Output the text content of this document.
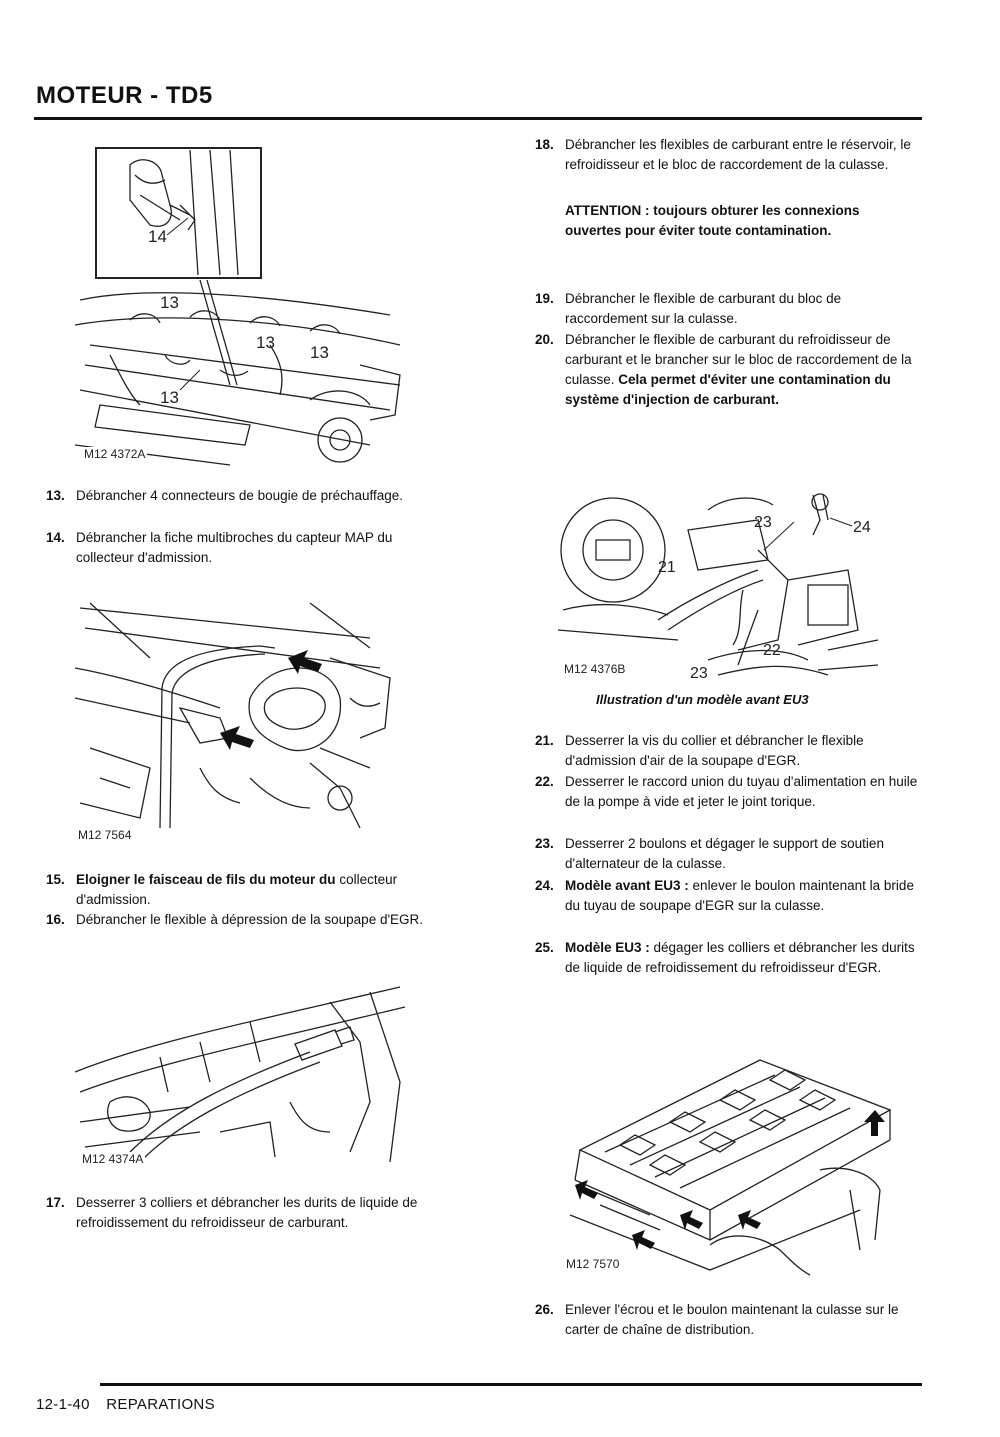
MOTEUR - TD5
14
13
13
13
13
M12 4372A
13. Débrancher 4 connecteurs de bougie de préchauffage.
14. Débrancher la fiche multibroches du capteur MAP du collecteur d'admission.
M12 7564
15. Eloigner le faisceau de fils du moteur du collecteur d'admission.
16. Débrancher le flexible à dépression de la soupape d'EGR.
M12 4374A
17. Desserrer 3 colliers et débrancher les durits de liquide de refroidissement du refroidisseur de carburant.
18. Débrancher les flexibles de carburant entre le réservoir, le refroidisseur et le bloc de raccordement de la culasse.
ATTENTION : toujours obturer les connexions ouvertes pour éviter toute contamination.
19. Débrancher le flexible de carburant du bloc de raccordement sur la culasse.
20. Débrancher le flexible de carburant du refroidisseur de carburant et le brancher sur le bloc de raccordement de la culasse. Cela permet d'éviter une contamination du système d'injection de carburant.
21
23	24
22
23
M12 4376B
Illustration d'un modèle avant EU3
21. Desserrer la vis du collier et débrancher le flexible d'admission d'air de la soupape d'EGR.
22. Desserrer le raccord union du tuyau d'alimentation en huile de la pompe à vide et jeter le joint torique.
23. Desserrer 2 boulons et dégager le support de soutien d'alternateur de la culasse.
24. Modèle avant EU3 : enlever le boulon maintenant la bride du tuyau de soupape d'EGR sur la culasse.
25. Modèle EU3 : dégager les colliers et débrancher les durits de liquide de refroidissement du refroidisseur d'EGR.
M12 7570
26. Enlever l'écrou et le boulon maintenant la culasse sur le carter de chaîne de distribution.
12-1-40 REPARATIONS
